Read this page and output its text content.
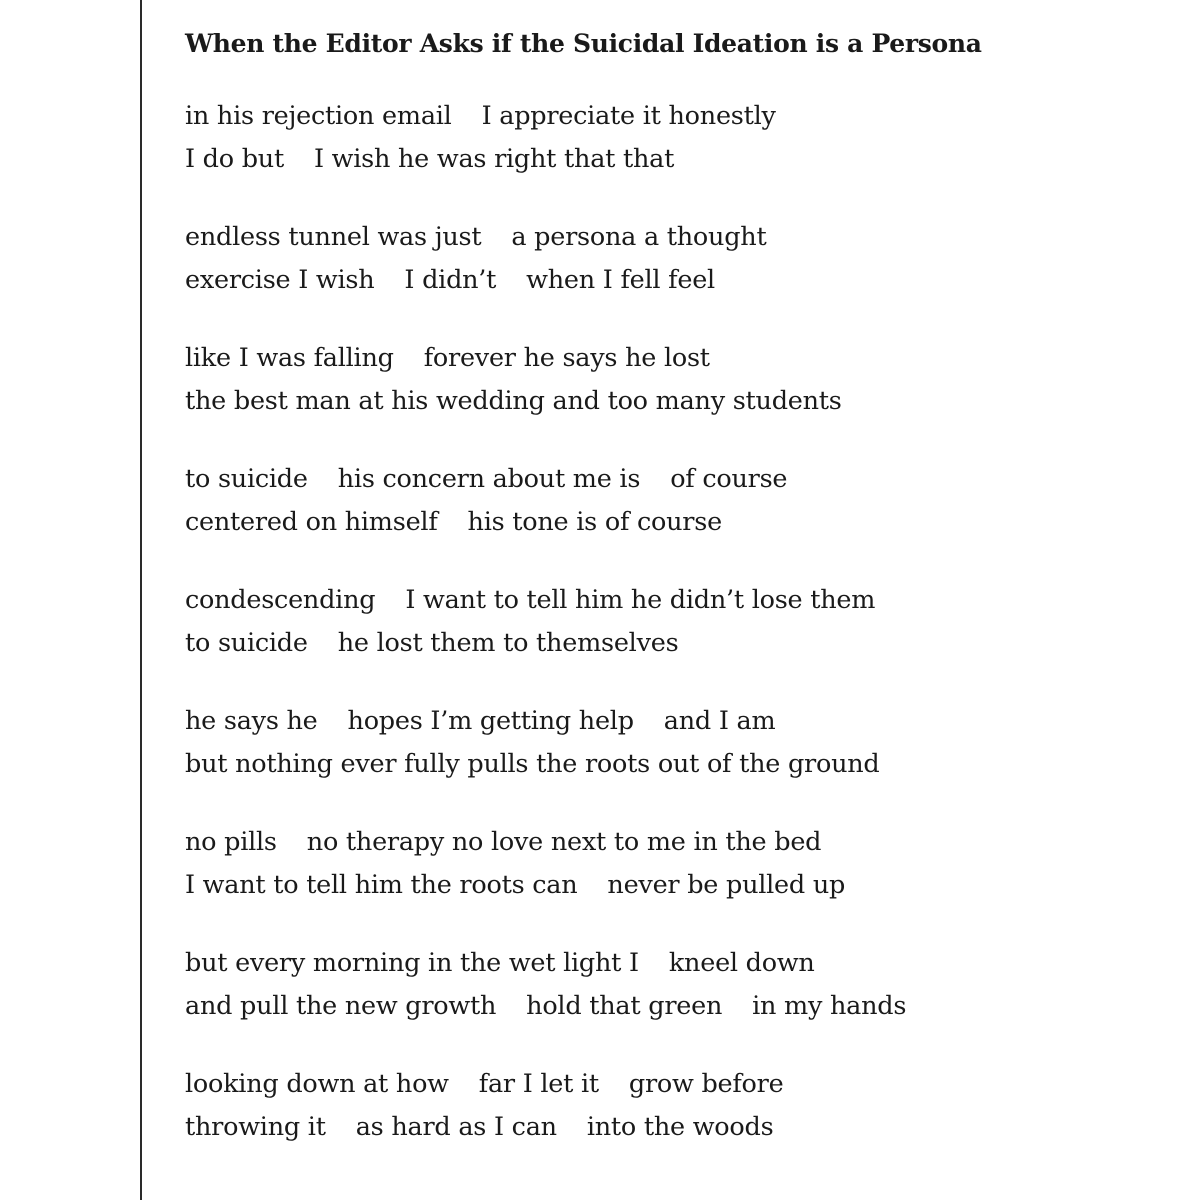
When the Editor Asks if the Suicidal Ideation is a Persona
in his rejection email I appreciate it honestly
I do but I wish he was right that that
endless tunnel was just a persona a thought
exercise I wish I didn’t when I fell feel
like I was falling forever he says he lost
the best man at his wedding and too many students
to suicide his concern about me is of course
centered on himself his tone is of course
condescending I want to tell him he didn’t lose them
to suicide he lost them to themselves
he says he hopes I’m getting help and I am
but nothing ever fully pulls the roots out of the ground
no pills no therapy no love next to me in the bed
I want to tell him the roots can never be pulled up
but every morning in the wet light I kneel down
and pull the new growth hold that green in my hands
looking down at how far I let it grow before
throwing it as hard as I can into the woods
